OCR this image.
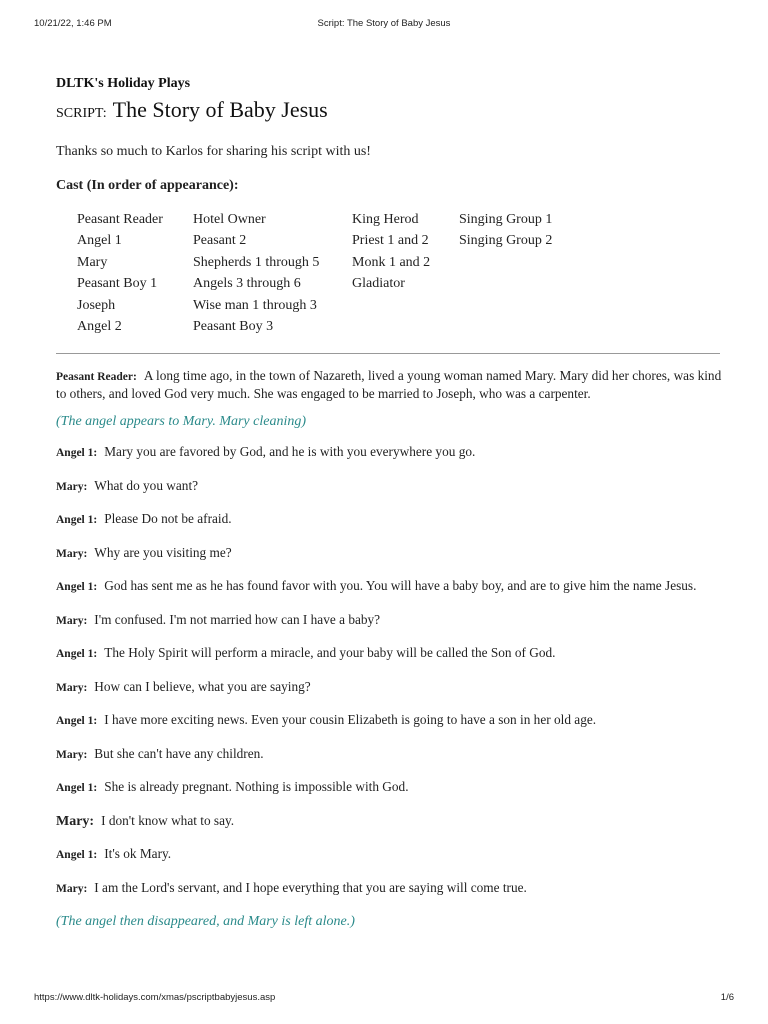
10/21/22, 1:46 PM	Script: The Story of Baby Jesus
DLTK's Holiday Plays
SCRIPT: The Story of Baby Jesus
Thanks so much to Karlos for sharing his script with us!
Cast (In order of appearance):
Peasant Reader	Hotel Owner	King Herod	Singing Group 1
Angel 1	Peasant 2	Priest 1 and 2	Singing Group 2
Mary	Shepherds 1 through 5	Monk 1 and 2	
Peasant Boy 1	Angels 3 through 6	Gladiator	
Joseph	Wise man 1 through 3		
Angel 2	Peasant Boy 3		
Peasant Reader: A long time ago, in the town of Nazareth, lived a young woman named Mary. Mary did her chores, was kind to others, and loved God very much. She was engaged to be married to Joseph, who was a carpenter.
(The angel appears to Mary. Mary cleaning)
Angel 1: Mary you are favored by God, and he is with you everywhere you go.
Mary: What do you want?
Angel 1: Please Do not be afraid.
Mary: Why are you visiting me?
Angel 1: God has sent me as he has found favor with you. You will have a baby boy, and are to give him the name Jesus.
Mary: I'm confused. I'm not married how can I have a baby?
Angel 1: The Holy Spirit will perform a miracle, and your baby will be called the Son of God.
Mary: How can I believe, what you are saying?
Angel 1: I have more exciting news. Even your cousin Elizabeth is going to have a son in her old age.
Mary: But she can't have any children.
Angel 1: She is already pregnant. Nothing is impossible with God.
Mary: I don't know what to say.
Angel 1: It's ok Mary.
Mary: I am the Lord's servant, and I hope everything that you are saying will come true.
(The angel then disappeared, and Mary is left alone.)
https://www.dltk-holidays.com/xmas/pscriptbabyjesus.asp	1/6
